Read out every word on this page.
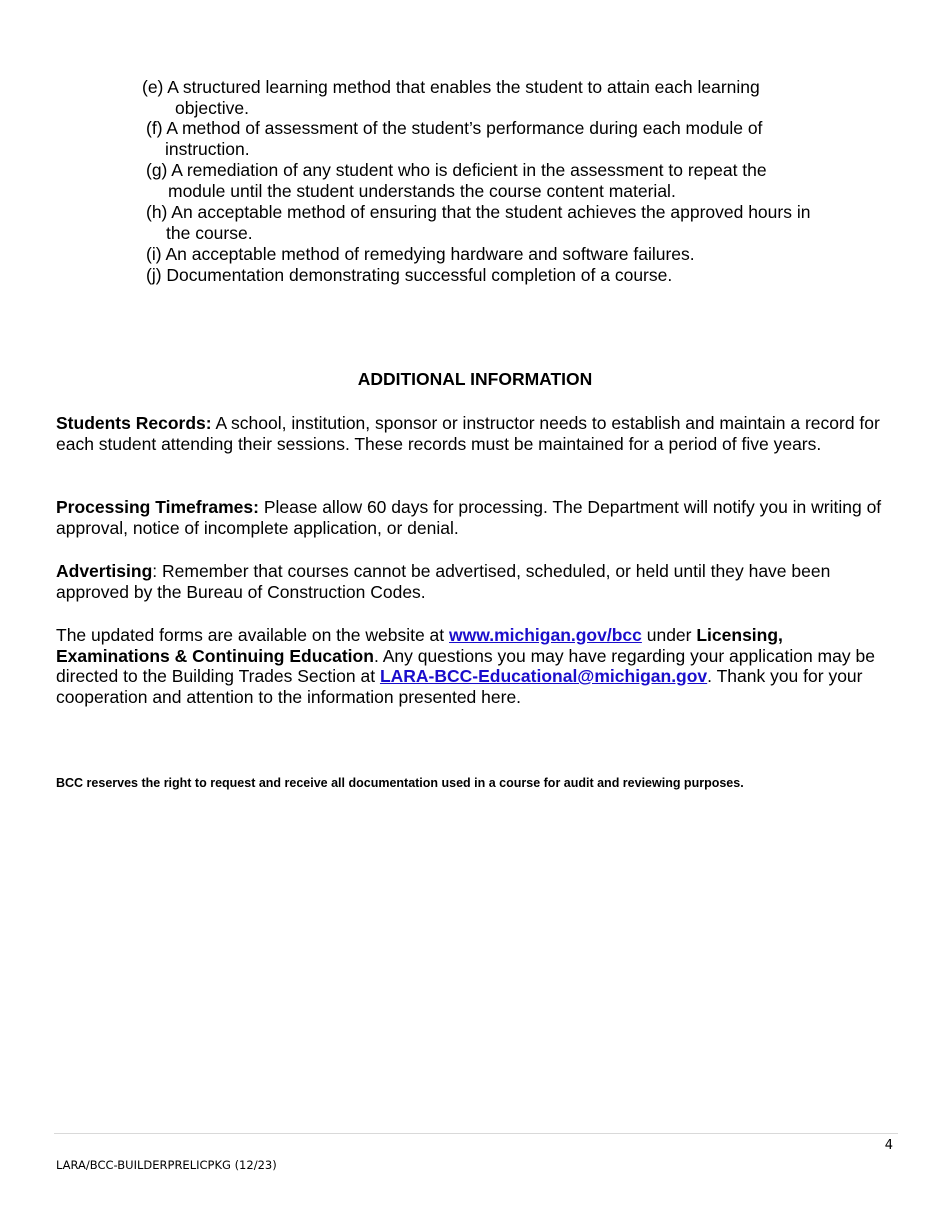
(e) A structured learning method that enables the student to attain each learning
objective.
(f) A method of assessment of the student’s performance during each module of
instruction.
(g) A remediation of any student who is deficient in the assessment to repeat the
module until the student understands the course content material.
(h) An acceptable method of ensuring that the student achieves the approved hours in
the course.
(i) An acceptable method of remedying hardware and software failures.
(j) Documentation demonstrating successful completion of a course.
ADDITIONAL INFORMATION
Students Records: A school, institution, sponsor or instructor needs to establish and maintain a record for each student attending their sessions. These records must be maintained for a period of five years.
Processing Timeframes: Please allow 60 days for processing. The Department will notify you in writing of approval, notice of incomplete application, or denial.
Advertising: Remember that courses cannot be advertised, scheduled, or held until they have been approved by the Bureau of Construction Codes.
The updated forms are available on the website at www.michigan.gov/bcc under Licensing, Examinations & Continuing Education. Any questions you may have regarding your application may be directed to the Building Trades Section at LARA-BCC-Educational@michigan.gov. Thank you for your cooperation and attention to the information presented here.
BCC reserves the right to request and receive all documentation used in a course for audit and reviewing purposes.
4
LARA/BCC-BUILDERPRELICPKG (12/23)
